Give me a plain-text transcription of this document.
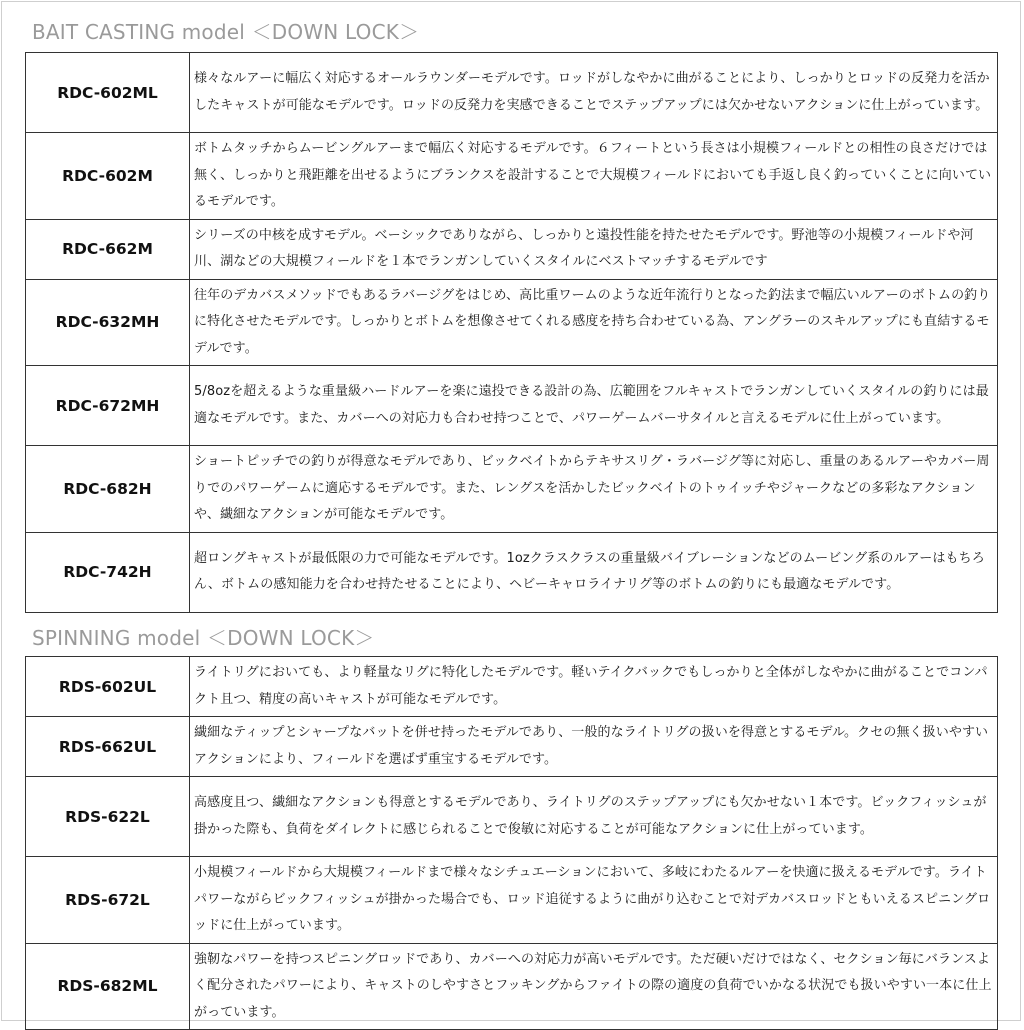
BAIT CASTING model ＜DOWN LOCK＞
RDC-602ML	様々なルアーに幅広く対応するオールラウンダーモデルです。ロッドがしなやかに曲がることにより、しっかりとロッドの反発力を活かしたキャストが可能なモデルです。ロッドの反発力を実感できることでステップアップには欠かせないアクションに仕上がっています。
RDC-602M	ボトムタッチからムービングルアーまで幅広く対応するモデルです。６フィートという長さは小規模フィールドとの相性の良さだけでは無く、しっかりと飛距離を出せるようにブランクスを設計することで大規模フィールドにおいても手返し良く釣っていくことに向いているモデルです。
RDC-662M	シリーズの中核を成すモデル。ベーシックでありながら、しっかりと遠投性能を持たせたモデルです。野池等の小規模フィールドや河川、湖などの大規模フィールドを１本でランガンしていくスタイルにベストマッチするモデルです
RDC-632MH	往年のデカバスメソッドでもあるラバージグをはじめ、高比重ワームのような近年流行りとなった釣法まで幅広いルアーのボトムの釣りに特化させたモデルです。しっかりとボトムを想像させてくれる感度を持ち合わせている為、アングラーのスキルアップにも直結するモデルです。
RDC-672MH	5/8ozを超えるような重量級ハードルアーを楽に遠投できる設計の為、広範囲をフルキャストでランガンしていくスタイルの釣りには最適なモデルです。また、カバーへの対応力も合わせ持つことで、パワーゲームバーサタイルと言えるモデルに仕上がっています。
RDC-682H	ショートピッチでの釣りが得意なモデルであり、ビックベイトからテキサスリグ・ラバージグ等に対応し、重量のあるルアーやカバー周りでのパワーゲームに適応するモデルです。また、レングスを活かしたビックベイトのトゥイッチやジャークなどの多彩なアクションや、繊細なアクションが可能なモデルです。
RDC-742H	超ロングキャストが最低限の力で可能なモデルです。1ozクラスクラスの重量級バイブレーションなどのムービング系のルアーはもちろん、ボトムの感知能力を合わせ持たせることにより、ヘビーキャロライナリグ等のボトムの釣りにも最適なモデルです。
SPINNING model ＜DOWN LOCK＞
RDS-602UL	ライトリグにおいても、より軽量なリグに特化したモデルです。軽いテイクバックでもしっかりと全体がしなやかに曲がることでコンパクト且つ、精度の高いキャストが可能なモデルです。
RDS-662UL	繊細なティップとシャープなバットを併せ持ったモデルであり、一般的なライトリグの扱いを得意とするモデル。クセの無く扱いやすいアクションにより、フィールドを選ばず重宝するモデルです。
RDS-622L	高感度且つ、繊細なアクションも得意とするモデルであり、ライトリグのステップアップにも欠かせない１本です。ビックフィッシュが掛かった際も、負荷をダイレクトに感じられることで俊敏に対応することが可能なアクションに仕上がっています。
RDS-672L	小規模フィールドから大規模フィールドまで様々なシチュエーションにおいて、多岐にわたるルアーを快適に扱えるモデルです。ライトパワーながらビックフィッシュが掛かった場合でも、ロッド追従するように曲がり込むことで対デカバスロッドともいえるスピニングロッドに仕上がっています。
RDS-682ML	強靭なパワーを持つスピニングロッドであり、カバーへの対応力が高いモデルです。ただ硬いだけではなく、セクション毎にバランスよく配分されたパワーにより、キャストのしやすさとフッキングからファイトの際の適度の負荷でいかなる状況でも扱いやすい一本に仕上がっています。
